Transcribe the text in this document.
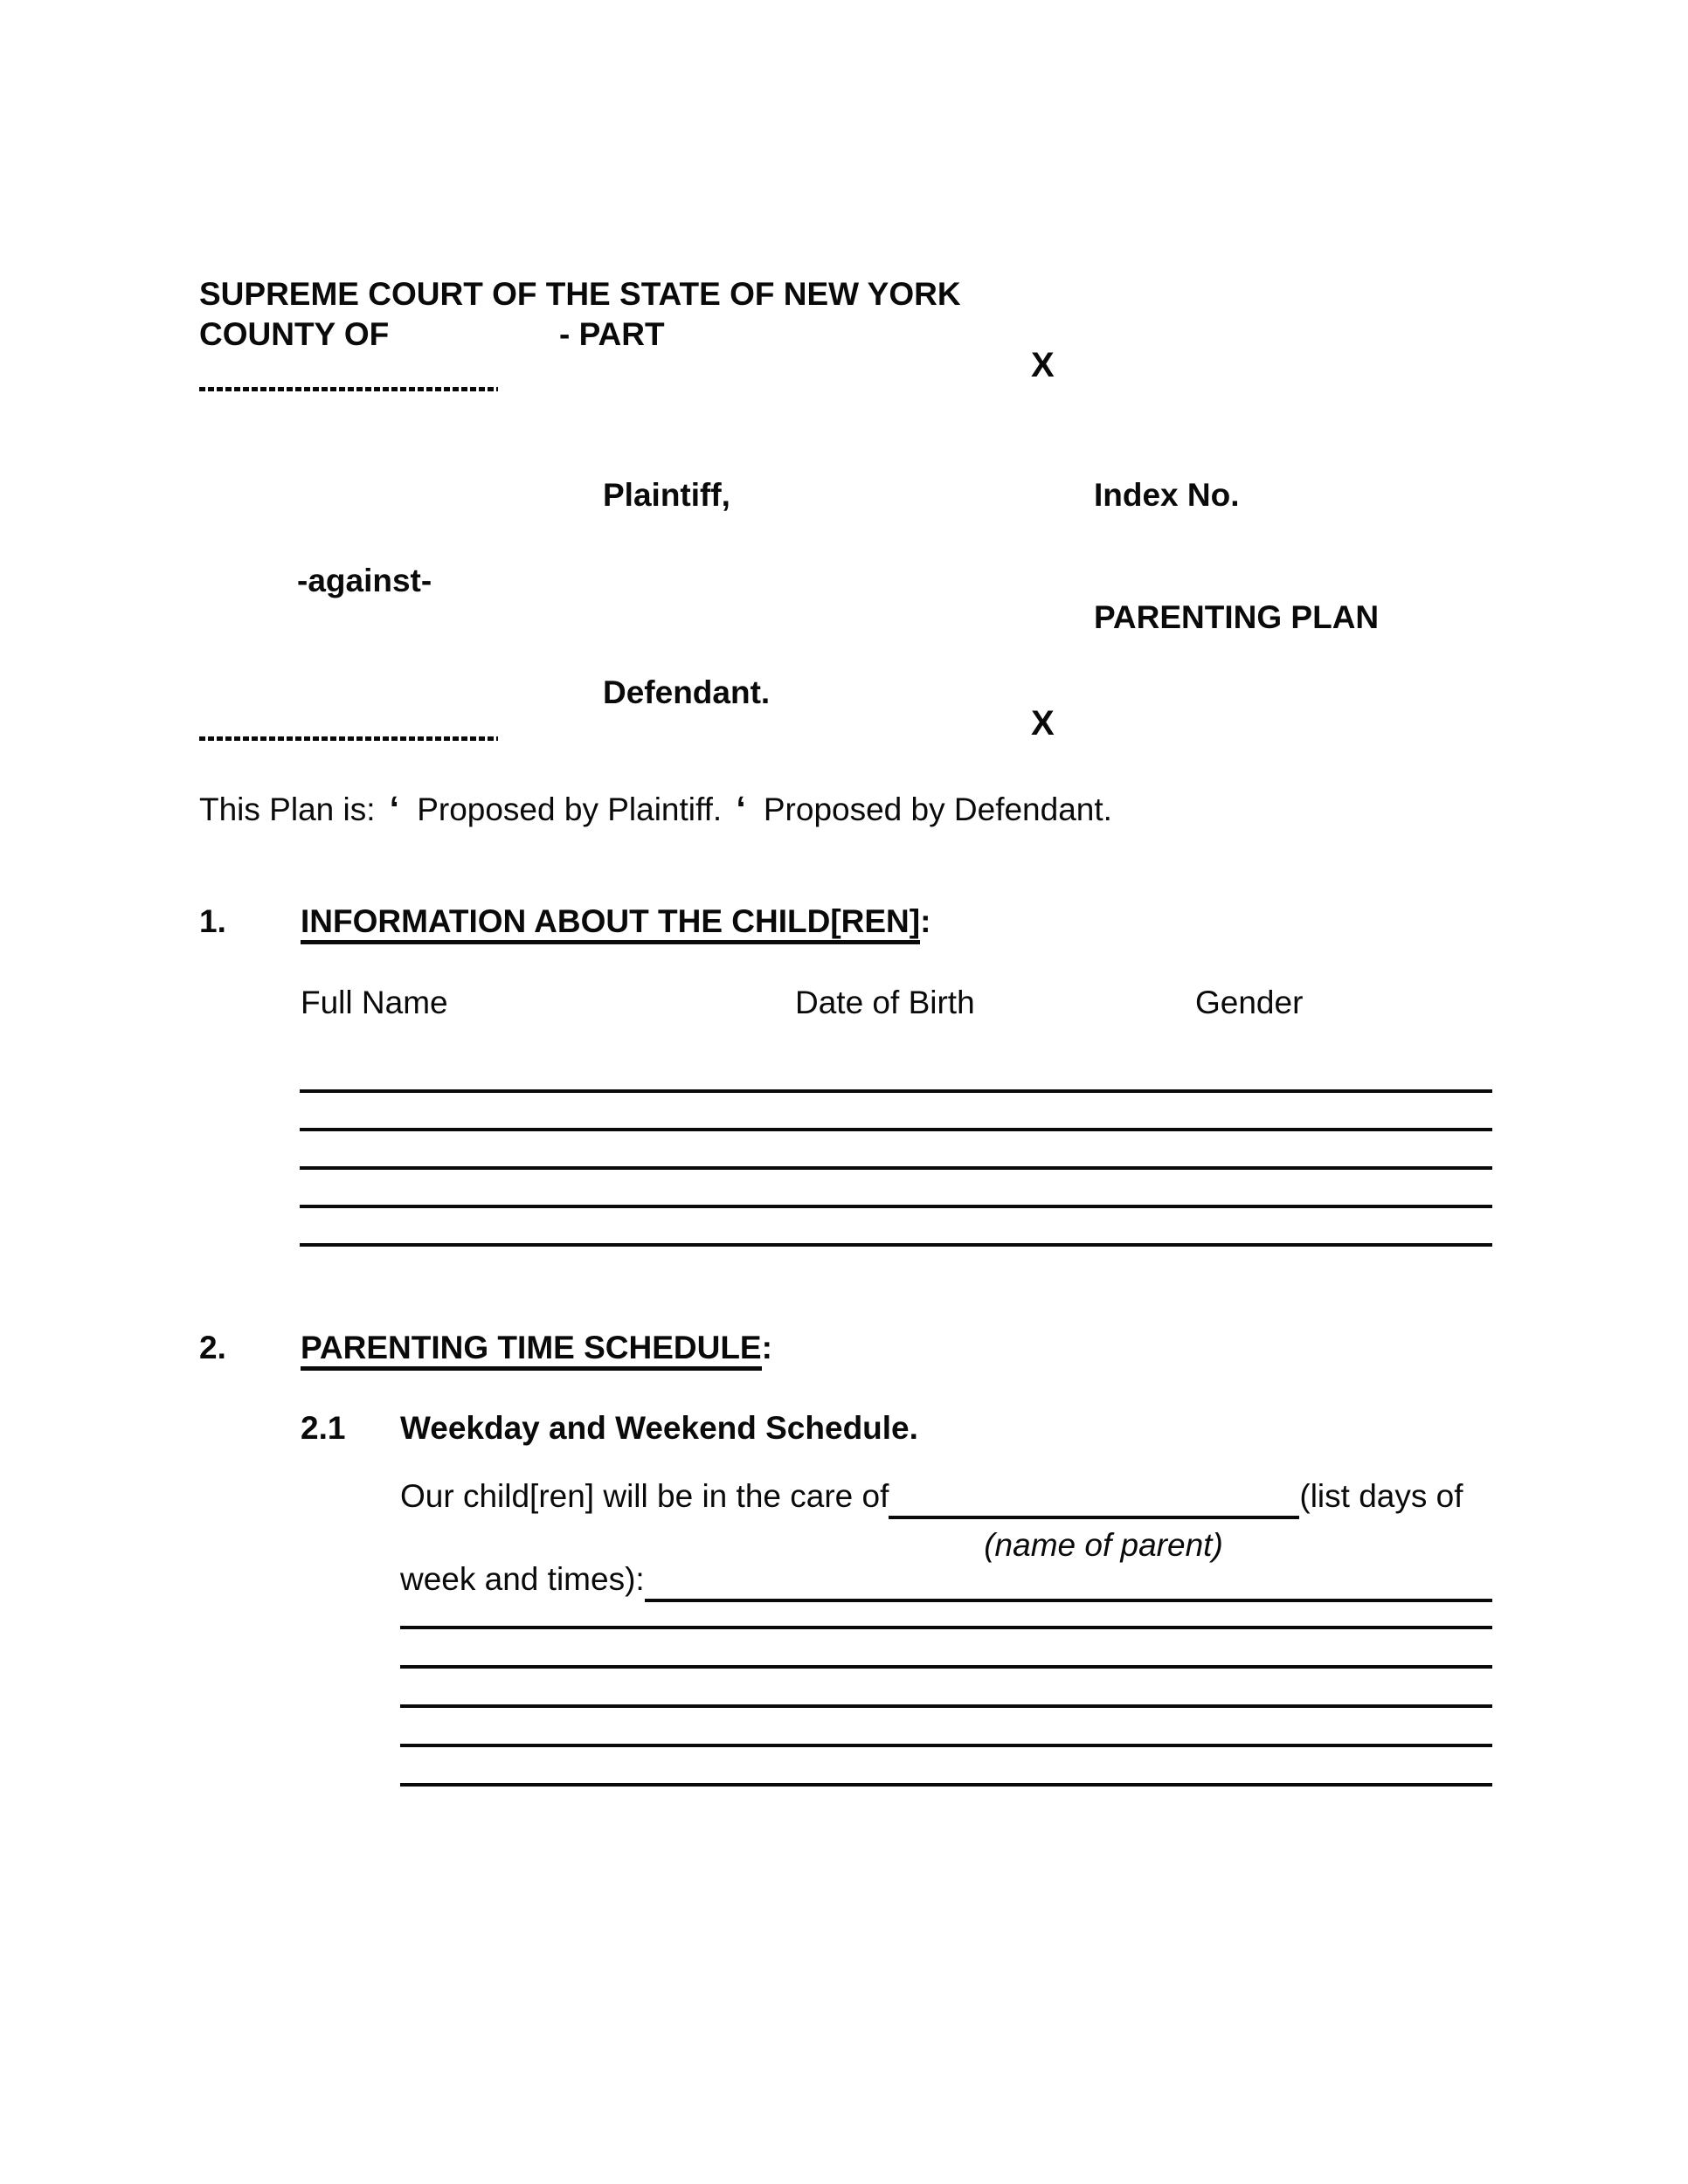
SUPREME COURT OF THE STATE OF NEW YORK
COUNTY OF	- PART
X
Plaintiff,	Index No.
-against-
PARENTING PLAN
Defendant.
X
This Plan is: ‘ Proposed by Plaintiff. ‘ Proposed by Defendant.
1. INFORMATION ABOUT THE CHILD[REN]:
Full Name	Date of Birth	Gender
2. PARENTING TIME SCHEDULE:
2.1 Weekday and Weekend Schedule.
Our child[ren] will be in the care of	(list days of
(name of parent)
week and times):
